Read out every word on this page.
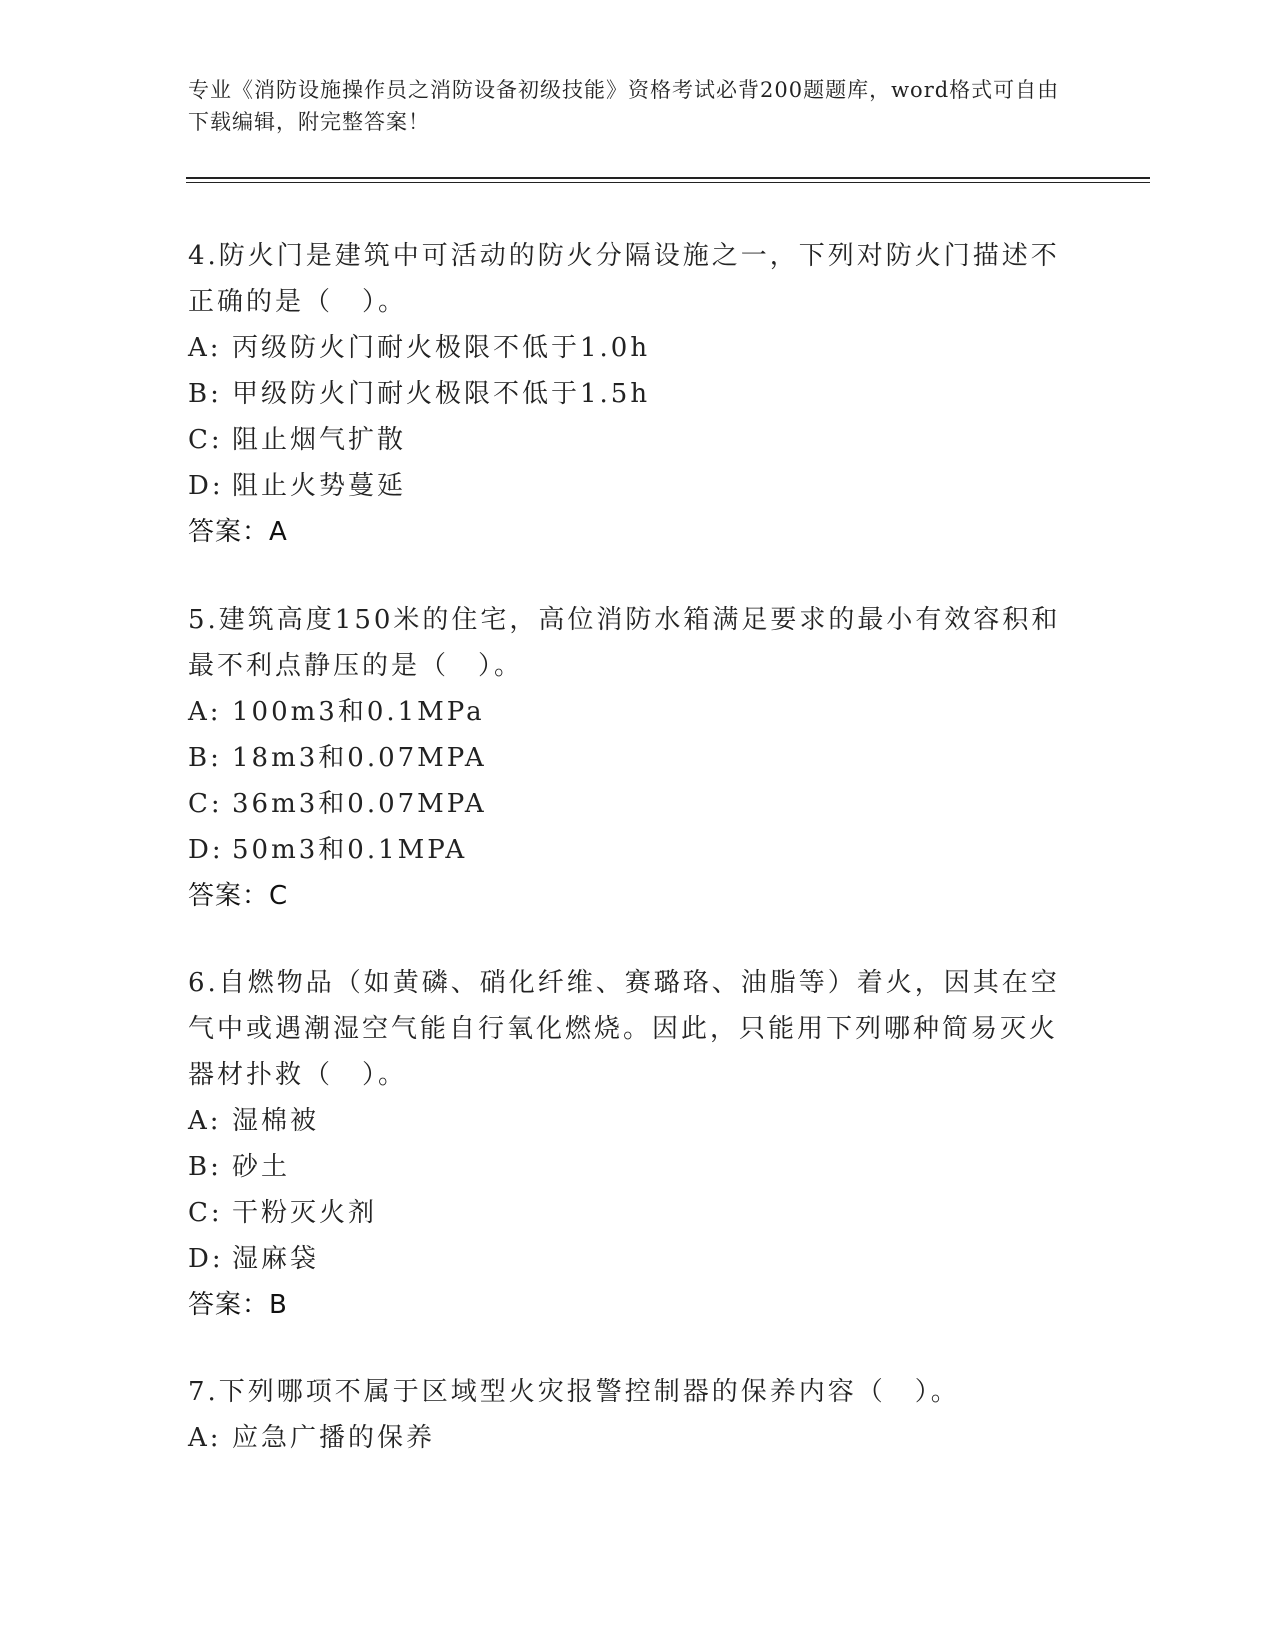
专业《消防设施操作员之消防设备初级技能》资格考试必背200题题库，word格式可自由下载编辑，附完整答案！

4.防火门是建筑中可活动的防火分隔设施之一，下列对防火门描述不正确的是（　）。

A: 丙级防火门耐火极限不低于1.0h

B: 甲级防火门耐火极限不低于1.5h

C: 阻止烟气扩散

D: 阻止火势蔓延

答案：A

5.建筑高度150米的住宅，高位消防水箱满足要求的最小有效容积和最不利点静压的是（　）。

A: 100m3和0.1MPa

B: 18m3和0.07MPA

C: 36m3和0.07MPA

D: 50m3和0.1MPA

答案：C

6.自燃物品（如黄磷、硝化纤维、赛璐珞、油脂等）着火，因其在空气中或遇潮湿空气能自行氧化燃烧。因此，只能用下列哪种简易灭火器材扑救（　）。

A: 湿棉被

B: 砂土

C: 干粉灭火剂

D: 湿麻袋

答案：B

7.下列哪项不属于区域型火灾报警控制器的保养内容（　）。

A: 应急广播的保养
